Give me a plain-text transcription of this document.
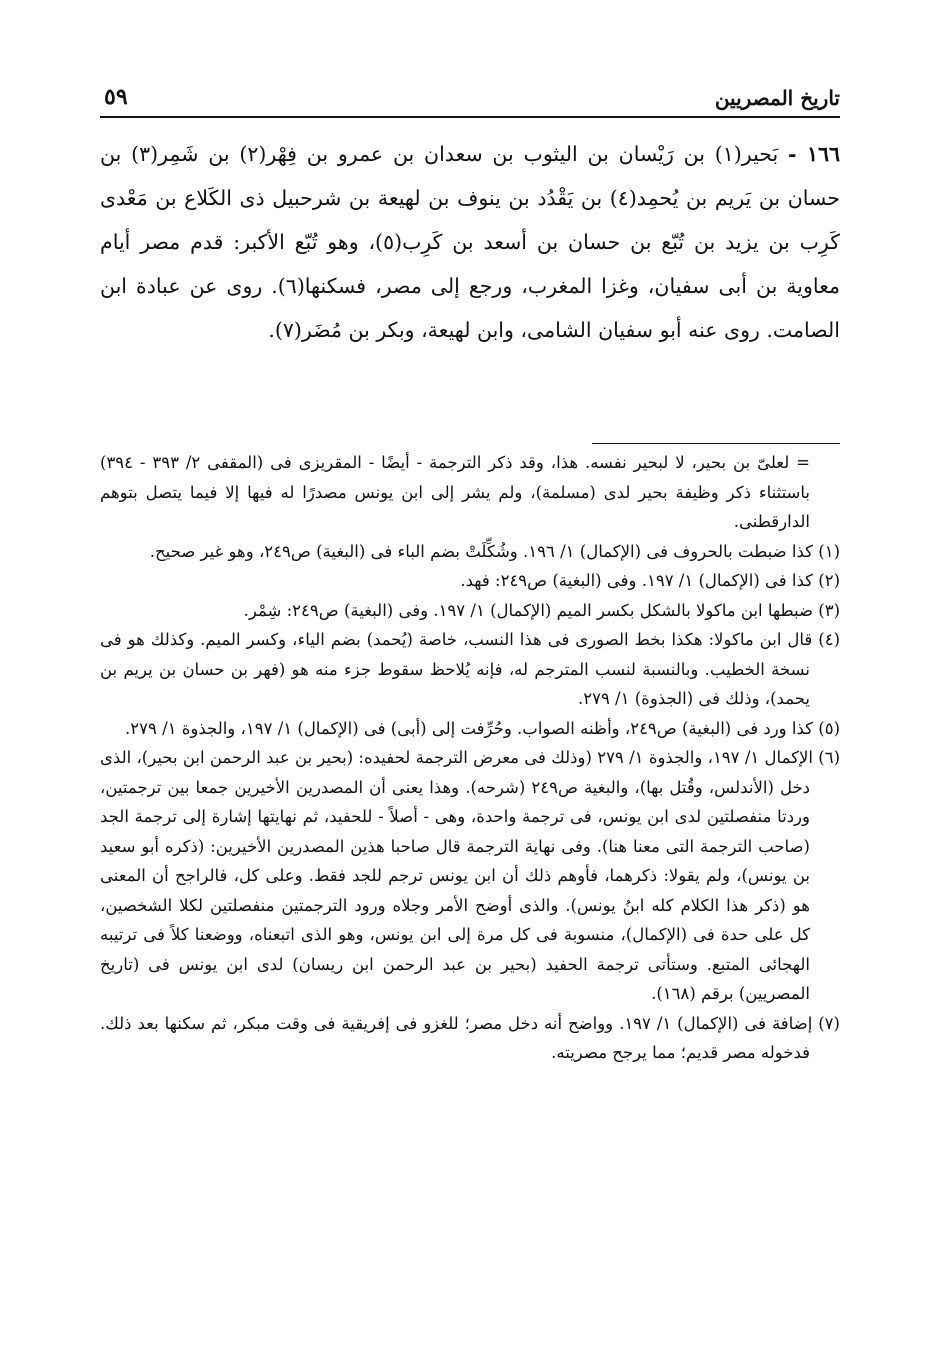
تاريخ المصريين
٥٩
١٦٦ - بَحير(١) بن رَيْسان بن اليثوب بن سعدان بن عمرو بن فِهْر(٢) بن شَمِر(٣) بن حسان بن يَريم بن يُحمِد(٤) بن يَقْدُد بن ينوف بن لهيعة بن شرحبيل ذى الكَلاع بن مَعْدى كَرِب بن يزيد بن تُبّع بن حسان بن أسعد بن كَرِب(٥)، وهو تُبّع الأكبر: قدم مصر أيام معاوية بن أبى سفيان، وغزا المغرب، ورجع إلى مصر، فسكنها(٦). روى عن عبادة ابن الصامت. روى عنه أبو سفيان الشامى، وابن لهيعة، وبكر بن مُضَر(٧).

= لعلىّ بن بحير، لا لبحير نفسه. هذا، وقد ذكر الترجمة - أيضًا - المقريزى فى (المقفى ٢/ ٣٩٣ - ٣٩٤) باستثناء ذكر وظيفة بحير لدى (مسلمة)، ولم يشر إلى ابن يونس مصدرًا له فيها إلا فيما يتصل بتوهم الدارقطنى.

(١) كذا ضبطت بالحروف فى (الإكمال) ١/ ١٩٦. وشُكِّلَتْ بضم الباء فى (البغية) ص٢٤٩، وهو غير صحيح.

(٢) كذا فى (الإكمال) ١/ ١٩٧. وفى (البغية) ص٢٤٩: فهد.

(٣) ضبطها ابن ماكولا بالشكل بكسر الميم (الإكمال) ١/ ١٩٧. وفى (البغية) ص٢٤٩: شِمْر.

(٤) قال ابن ماكولا: هكذا بخط الصورى فى هذا النسب، خاصة (يُحمد) بضم الياء، وكسر الميم. وكذلك هو فى نسخة الخطيب. وبالنسبة لنسب المترجم له، فإنه يُلاحظ سقوط جزء منه هو (فهر بن حسان بن يريم بن يحمد)، وذلك فى (الجذوة) ١/ ٢٧٩.

(٥) كذا ورد فى (البغية) ص٢٤٩، وأظنه الصواب. وحُرِّفت إلى (أبى) فى (الإكمال) ١/ ١٩٧، والجذوة ١/ ٢٧٩.

(٦) الإكمال ١/ ١٩٧، والجذوة ١/ ٢٧٩ (وذلك فى معرض الترجمة لحفيده: (بحير بن عبد الرحمن ابن بحير)، الذى دخل (الأندلس، وقُتل بها)، والبغية ص٢٤٩ (شرحه). وهذا يعنى أن المصدرين الأخيرين جمعا بين ترجمتين، وردتا منفصلتين لدى ابن يونس، فى ترجمة واحدة، وهى - أصلاً - للحفيد، ثم نهايتها إشارة إلى ترجمة الجد (صاحب الترجمة التى معنا هنا). وفى نهاية الترجمة قال صاحبا هذين المصدرين الأخيرين: (ذكره أبو سعيد بن يونس)، ولم يقولا: ذكرهما، فأوهم ذلك أن ابن يونس ترجم للجد فقط. وعلى كل، فالراجح أن المعنى هو (ذكر هذا الكلام كله ابنُ يونس). والذى أوضح الأمر وجلاه ورود الترجمتين منفصلتين لكلا الشخصين، كل على حدة فى (الإكمال)، منسوبة فى كل مرة إلى ابن يونس، وهو الذى اتبعناه، ووضعنا كلاً فى ترتيبه الهجائى المتبع. وستأتى ترجمة الحفيد (بحير بن عبد الرحمن ابن ريسان) لدى ابن يونس فى (تاريخ المصريين) برقم (١٦٨).

(٧) إضافة فى (الإكمال) ١/ ١٩٧. وواضح أنه دخل مصر؛ للغزو فى إفريقية فى وقت مبكر، ثم سكنها بعد ذلك. فدخوله مصر قديم؛ مما يرجح مصريته.
